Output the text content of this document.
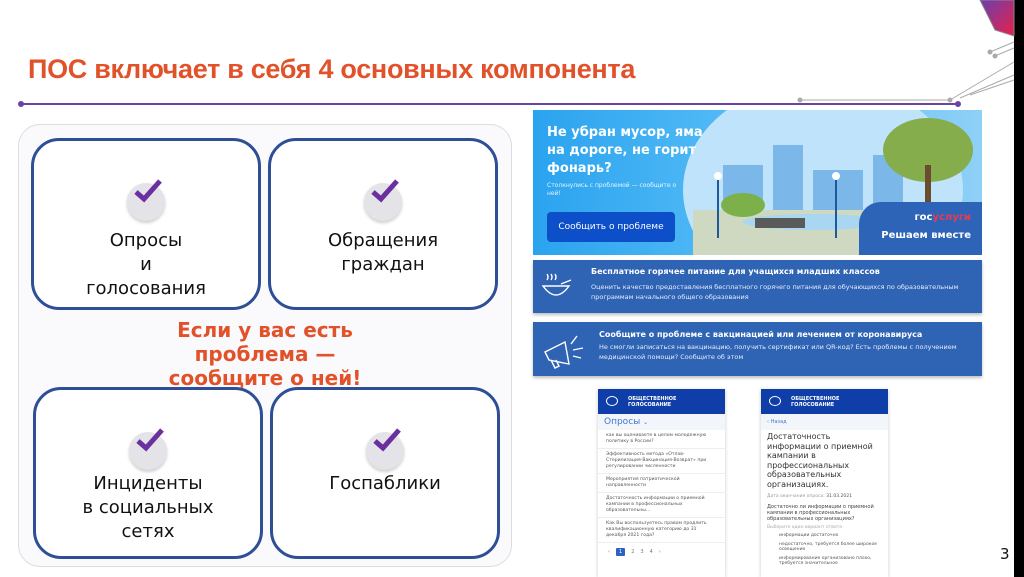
ПОС включает в себя 4 основных компонента
Опросы
и
голосования
Обращения
граждан
Инциденты
в социальных
сетях
Госпаблики
Если у вас есть
проблема —
сообщите о ней!
Не убран мусор, яма на дороге, не горит фонарь?
Столкнулись с проблемой — сообщите о ней!
Сообщить о проблеме
госуслуги
Решаем вместе
Бесплатное горячее питание для учащихся младших классов
Оценить качество предоставления бесплатного горячего питания для обучающихся по образовательным программам начального общего образования
Сообщите о проблеме с вакцинацией или лечением от коронавируса
Не смогли записаться на вакцинацию, получить сертификат или QR-код? Есть проблемы с получением медицинской помощи? Сообщите об этом
ОБЩЕСТВЕННОЕ
ГОЛОСОВАНИЕ
Опросы ⌄
как вы оцениваете в целом молодежную политику в России?
Эффективность метода «Отлов-Стерилизация-Вакцинация-Возврат» при регулировании численности
Мероприятия патриотической направленности
Достаточность информации о приемной кампании в профессиональных образовательны...
Как Вы воспользуетесь правом продлить квалификационную категорию до 31 декабря 2021 года?
‹	1	2 3 4 ›
ОБЩЕСТВЕННОЕ
ГОЛОСОВАНИЕ
‹ Назад
Достаточность информации о приемной кампании в профессиональных образовательных организациях.
Дата окончания опроса: 31.03.2021
Достаточно ли информации о приемной кампании в профессиональных образовательных организациях?
Выберите один вариант ответа
информации достаточно
недостаточно, требуется более широкое освещение
информирование организовано плохо, требуется значительное
3
